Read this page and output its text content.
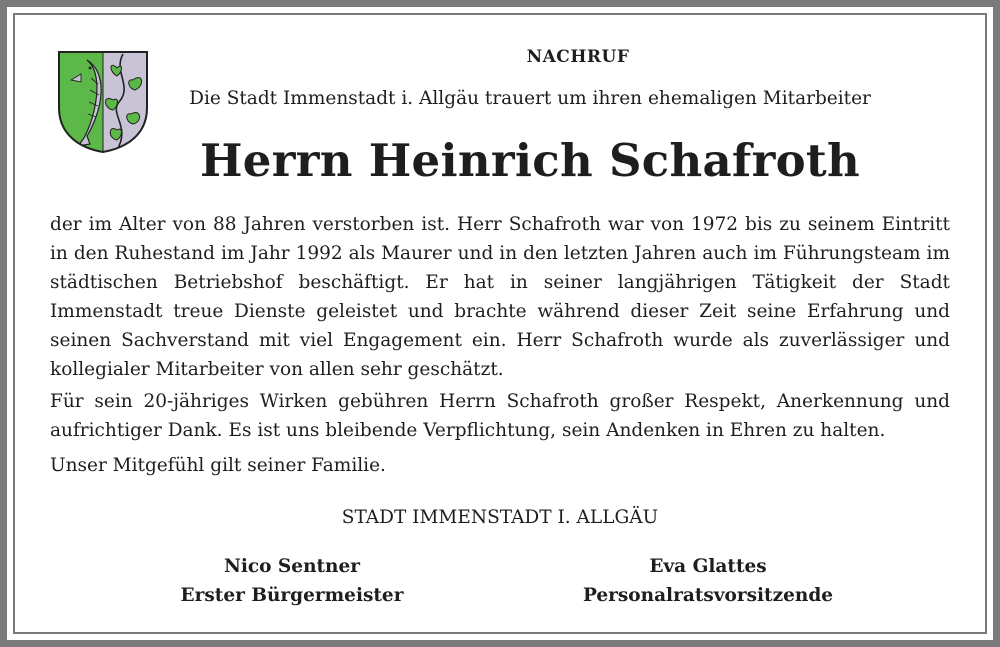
NACHRUF

Die Stadt Immenstadt i. Allgäu trauert um ihren ehemaligen Mitarbeiter

Herrn Heinrich Schafroth

der im Alter von 88 Jahren verstorben ist. Herr Schafroth war von 1972 bis zu seinem Eintritt in den Ruhestand im Jahr 1992 als Maurer und in den letzten Jahren auch im Führungsteam im städtischen Betriebshof beschäftigt. Er hat in seiner langjährigen Tätigkeit der Stadt Immenstadt treue Dienste geleistet und brachte während dieser Zeit seine Erfahrung und seinen Sachverstand mit viel Engagement ein. Herr Schafroth wurde als zuverlässiger und kollegialer Mitarbeiter von allen sehr geschätzt.

Für sein 20-jähriges Wirken gebühren Herrn Schafroth großer Respekt, Anerkennung und aufrichtiger Dank. Es ist uns bleibende Verpflichtung, sein Andenken in Ehren zu halten.

Unser Mitgefühl gilt seiner Familie.

STADT IMMENSTADT I. ALLGÄU

Nico Sentner
Erster Bürgermeister
Eva Glattes
Personalratsvorsitzende
